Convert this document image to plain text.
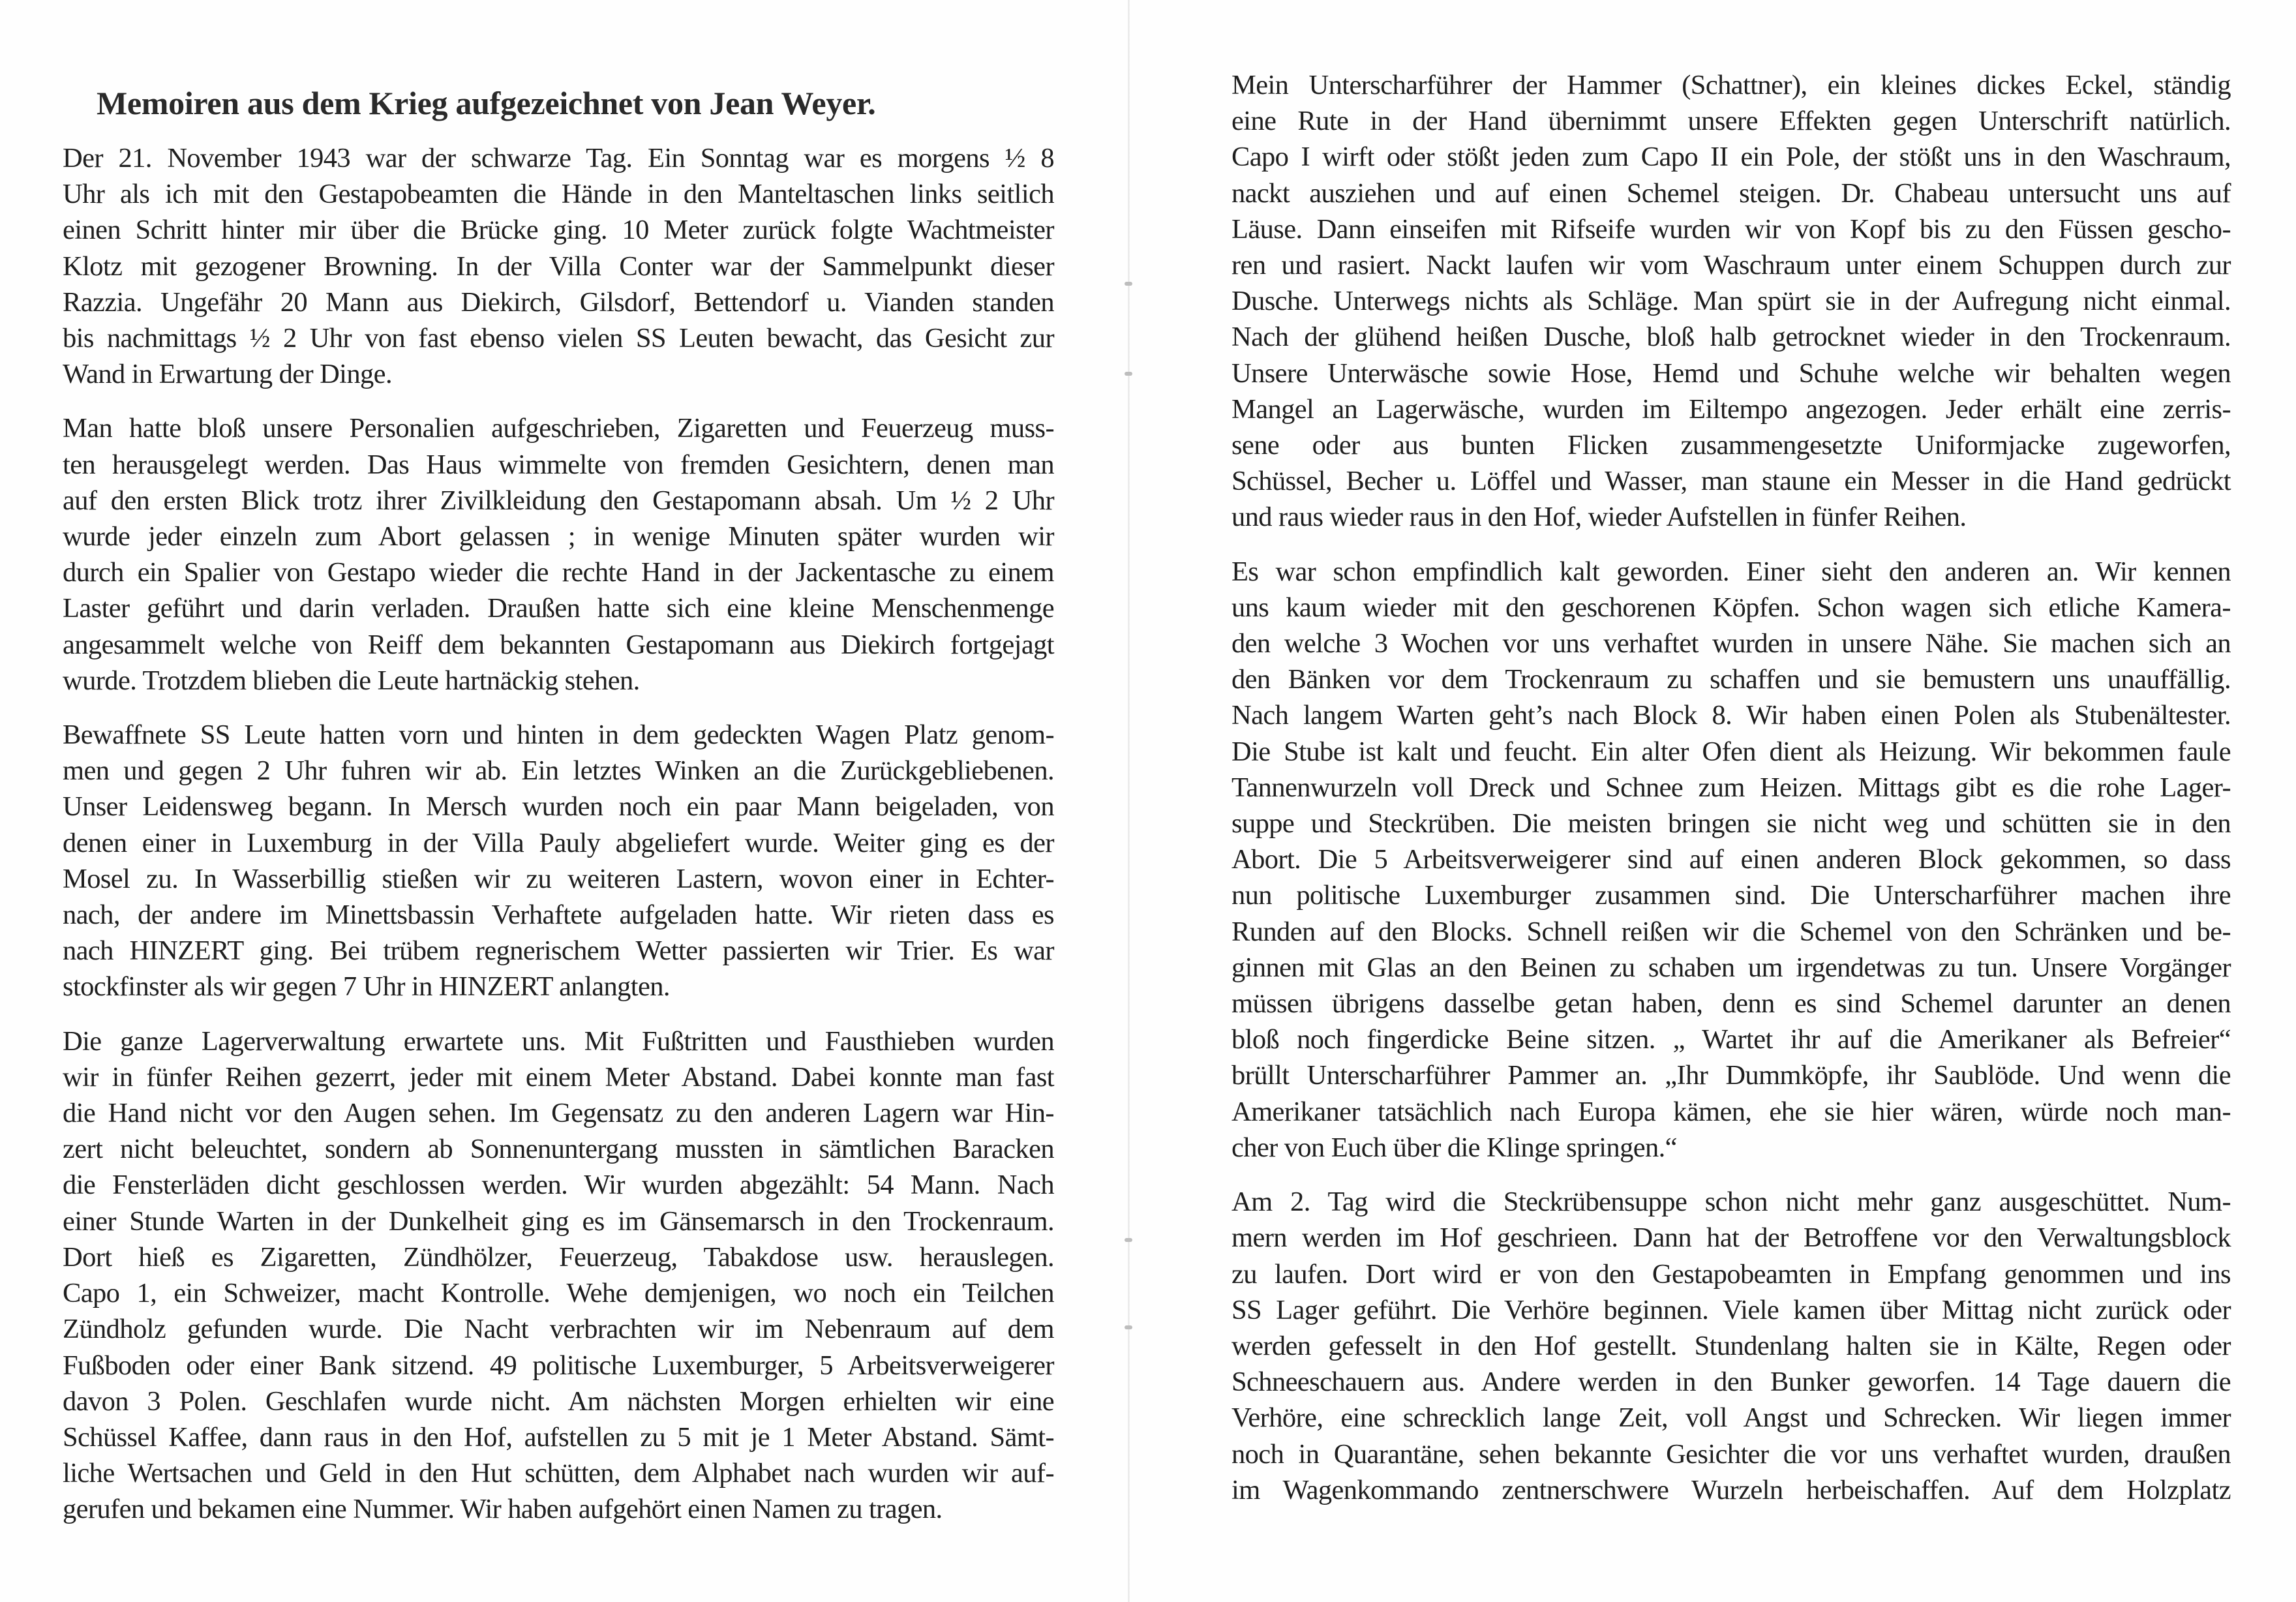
Memoiren aus dem Krieg aufgezeichnet von Jean Weyer.

Der 21. November 1943 war der schwarze Tag. Ein Sonntag war es morgens ½ 8
Uhr als ich mit den Gestapobeamten die Hände in den Manteltaschen links seitlich
einen Schritt hinter mir über die Brücke ging. 10 Meter zurück folgte Wachtmeister
Klotz mit gezogener Browning. In der Villa Conter war der Sammelpunkt dieser
Razzia. Ungefähr 20 Mann aus Diekirch, Gilsdorf, Bettendorf u. Vianden standen
bis nachmittags ½ 2 Uhr von fast ebenso vielen SS Leuten bewacht, das Gesicht zur
Wand in Erwartung der Dinge.

Man hatte bloß unsere Personalien aufgeschrieben, Zigaretten und Feuerzeug muss-
ten herausgelegt werden. Das Haus wimmelte von fremden Gesichtern, denen man
auf den ersten Blick trotz ihrer Zivilkleidung den Gestapomann absah. Um ½ 2 Uhr
wurde jeder einzeln zum Abort gelassen ; in wenige Minuten später wurden wir
durch ein Spalier von Gestapo wieder die rechte Hand in der Jackentasche zu einem
Laster geführt und darin verladen. Draußen hatte sich eine kleine Menschenmenge
angesammelt welche von Reiff dem bekannten Gestapomann aus Diekirch fortgejagt
wurde. Trotzdem blieben die Leute hartnäckig stehen.

Bewaffnete SS Leute hatten vorn und hinten in dem gedeckten Wagen Platz genom-
men und gegen 2 Uhr fuhren wir ab. Ein letztes Winken an die Zurückgebliebenen.
Unser Leidensweg begann. In Mersch wurden noch ein paar Mann beigeladen, von
denen einer in Luxemburg in der Villa Pauly abgeliefert wurde. Weiter ging es der
Mosel zu. In Wasserbillig stießen wir zu weiteren Lastern, wovon einer in Echter-
nach, der andere im Minettsbassin Verhaftete aufgeladen hatte. Wir rieten dass es
nach HINZERT ging. Bei trübem regnerischem Wetter passierten wir Trier. Es war
stockfinster als wir gegen 7 Uhr in HINZERT anlangten.

Die ganze Lagerverwaltung erwartete uns. Mit Fußtritten und Fausthieben wurden
wir in fünfer Reihen gezerrt, jeder mit einem Meter Abstand. Dabei konnte man fast
die Hand nicht vor den Augen sehen. Im Gegensatz zu den anderen Lagern war Hin-
zert nicht beleuchtet, sondern ab Sonnenuntergang mussten in sämtlichen Baracken
die Fensterläden dicht geschlossen werden. Wir wurden abgezählt: 54 Mann. Nach
einer Stunde Warten in der Dunkelheit ging es im Gänsemarsch in den Trockenraum.
Dort hieß es Zigaretten, Zündhölzer, Feuerzeug, Tabakdose usw. herauslegen.
Capo 1, ein Schweizer, macht Kontrolle. Wehe demjenigen, wo noch ein Teilchen
Zündholz gefunden wurde. Die Nacht verbrachten wir im Nebenraum auf dem
Fußboden oder einer Bank sitzend. 49 politische Luxemburger, 5 Arbeitsverweigerer
davon 3 Polen. Geschlafen wurde nicht. Am nächsten Morgen erhielten wir eine
Schüssel Kaffee, dann raus in den Hof, aufstellen zu 5 mit je 1 Meter Abstand. Sämt-
liche Wertsachen und Geld in den Hut schütten, dem Alphabet nach wurden wir auf-
gerufen und bekamen eine Nummer. Wir haben aufgehört einen Namen zu tragen.

Mein Unterscharführer der Hammer (Schattner), ein kleines dickes Eckel, ständig
eine Rute in der Hand übernimmt unsere Effekten gegen Unterschrift natürlich.
Capo I wirft oder stößt jeden zum Capo II ein Pole, der stößt uns in den Waschraum,
nackt ausziehen und auf einen Schemel steigen. Dr. Chabeau untersucht uns auf
Läuse. Dann einseifen mit Rifseife wurden wir von Kopf bis zu den Füssen gescho-
ren und rasiert. Nackt laufen wir vom Waschraum unter einem Schuppen durch zur
Dusche. Unterwegs nichts als Schläge. Man spürt sie in der Aufregung nicht einmal.
Nach der glühend heißen Dusche, bloß halb getrocknet wieder in den Trockenraum.
Unsere Unterwäsche sowie Hose, Hemd und Schuhe welche wir behalten wegen
Mangel an Lagerwäsche, wurden im Eiltempo angezogen. Jeder erhält eine zerris-
sene oder aus bunten Flicken zusammengesetzte Uniformjacke zugeworfen,
Schüssel, Becher u. Löffel und Wasser, man staune ein Messer in die Hand gedrückt
und raus wieder raus in den Hof, wieder Aufstellen in fünfer Reihen.

Es war schon empfindlich kalt geworden. Einer sieht den anderen an. Wir kennen
uns kaum wieder mit den geschorenen Köpfen. Schon wagen sich etliche Kamera-
den welche 3 Wochen vor uns verhaftet wurden in unsere Nähe. Sie machen sich an
den Bänken vor dem Trockenraum zu schaffen und sie bemustern uns unauffällig.
Nach langem Warten geht’s nach Block 8. Wir haben einen Polen als Stubenältester.
Die Stube ist kalt und feucht. Ein alter Ofen dient als Heizung. Wir bekommen faule
Tannenwurzeln voll Dreck und Schnee zum Heizen. Mittags gibt es die rohe Lager-
suppe und Steckrüben. Die meisten bringen sie nicht weg und schütten sie in den
Abort. Die 5 Arbeitsverweigerer sind auf einen anderen Block gekommen, so dass
nun politische Luxemburger zusammen sind. Die Unterscharführer machen ihre
Runden auf den Blocks. Schnell reißen wir die Schemel von den Schränken und be-
ginnen mit Glas an den Beinen zu schaben um irgendetwas zu tun. Unsere Vorgänger
müssen übrigens dasselbe getan haben, denn es sind Schemel darunter an denen
bloß noch fingerdicke Beine sitzen. „ Wartet ihr auf die Amerikaner als Befreier“
brüllt Unterscharführer Pammer an. „Ihr Dummköpfe, ihr Saublöde. Und wenn die
Amerikaner tatsächlich nach Europa kämen, ehe sie hier wären, würde noch man-
cher von Euch über die Klinge springen.“

Am 2. Tag wird die Steckrübensuppe schon nicht mehr ganz ausgeschüttet. Num-
mern werden im Hof geschrieen. Dann hat der Betroffene vor den Verwaltungsblock
zu laufen. Dort wird er von den Gestapobeamten in Empfang genommen und ins
SS Lager geführt. Die Verhöre beginnen. Viele kamen über Mittag nicht zurück oder
werden gefesselt in den Hof gestellt. Stundenlang halten sie in Kälte, Regen oder
Schneeschauern aus. Andere werden in den Bunker geworfen. 14 Tage dauern die
Verhöre, eine schrecklich lange Zeit, voll Angst und Schrecken. Wir liegen immer
noch in Quarantäne, sehen bekannte Gesichter die vor uns verhaftet wurden, draußen
im Wagenkommando zentnerschwere Wurzeln herbeischaffen. Auf dem Holzplatz
